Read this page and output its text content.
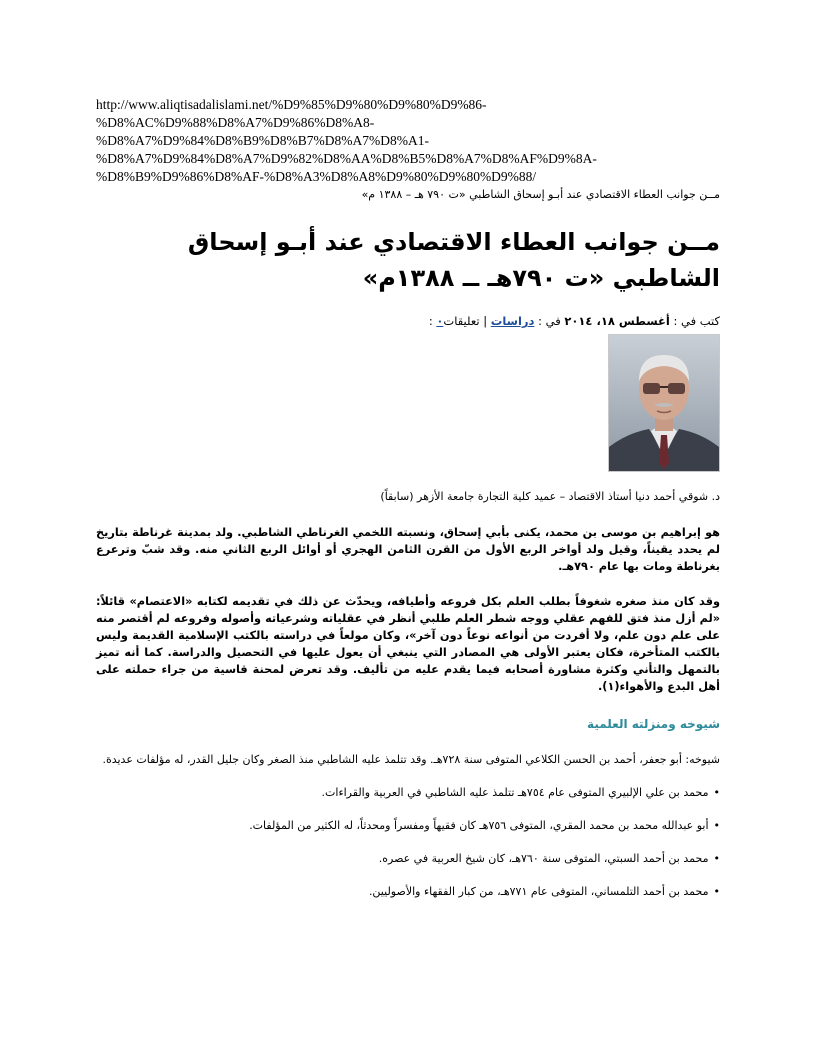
http://www.aliqtisadalislami.net/%D9%85%D9%80%D9%80%D9%86-
%D8%AC%D9%88%D8%A7%D9%86%D8%A8-
%D8%A7%D9%84%D8%B9%D8%B7%D8%A7%D8%A1-
%D8%A7%D9%84%D8%A7%D9%82%D8%AA%D8%B5%D8%A7%D8%AF%D9%8A-
%D8%B9%D9%86%D8%AF-%D8%A3%D8%A8%D9%80%D9%80%D9%88/
مــن جوانب العطاء الاقتصادي عند أبـو إسحاق الشاطبي «ت ٧٩٠ هـ – ١٣٨٨ م»
مــن جوانب العطاء الاقتصادي عند أبـو إسحاق الشاطبي «ت ٧٩٠هـ ــ ١٣٨٨م»
كتب في : أغسطس ١٨، ٢٠١٤ في : دراسات | تعليقات٠ :
د. شوقي أحمد دنيا أستاذ الاقتصاد – عميد كلية التجارة جامعة الأزهر (سابقاً)

هو إبراهيم بن موسى بن محمد، يكنى بأبي إسحاق، ونسبته اللخمي الغرناطي الشاطبي. ولد بمدينة غرناطة بتاريخ لم يحدد يقيناً، وقيل ولد أواخر الربع الأول من القرن الثامن الهجري أو أوائل الربع الثاني منه. وقد شبّ وترعرع بغرناطة ومات بها عام ٧٩٠هـ.

وقد كان منذ صغره شغوفاً بطلب العلم بكل فروعه وأطيافه، ويحدّث عن ذلك في تقديمه لكتابه «الاعتصام» قائلاً: «لم أزل منذ فتق للفهم عقلي ووجه شطر العلم طلبي أنظر في عقلياته وشرعياته وأصوله وفروعه لم أقتصر منه على علم دون علم، ولا أفردت من أنواعه نوعاً دون آخر»، وكان مولعاً في دراسته بالكتب الإسلامية القديمة وليس بالكتب المتأخرة، فكان يعتبر الأولى هي المصادر التي ينبغي أن يعول عليها في التحصيل والدراسة. كما أنه تميز بالتمهل والتأني وكثرة مشاورة أصحابه فيما يقدم عليه من تأليف. وقد تعرض لمحنة قاسية من جراء حملته على أهل البدع والأهواء(١).

شيوخه ومنزلته العلمية

شيوخه: أبو جعفر، أحمد بن الحسن الكلاعي المتوفى سنة ٧٢٨هـ. وقد تتلمذ عليه الشاطبي منذ الصغر وكان جليل القدر، له مؤلفات عديدة.

•محمد بن علي الإلبيري المتوفى عام ٧٥٤هـ تتلمذ عليه الشاطبي في العربية والقراءات.
•أبو عبدالله محمد بن محمد المقري، المتوفى ٧٥٦هـ كان فقيهاً ومفسراً ومحدثاً، له الكثير من المؤلفات.
•محمد بن أحمد السبتي، المتوفى سنة ٧٦٠هـ، كان شيخ العربية في عصره.
•محمد بن أحمد التلمساني، المتوفى عام ٧٧١هـ، من كبار الفقهاء والأصوليين.
